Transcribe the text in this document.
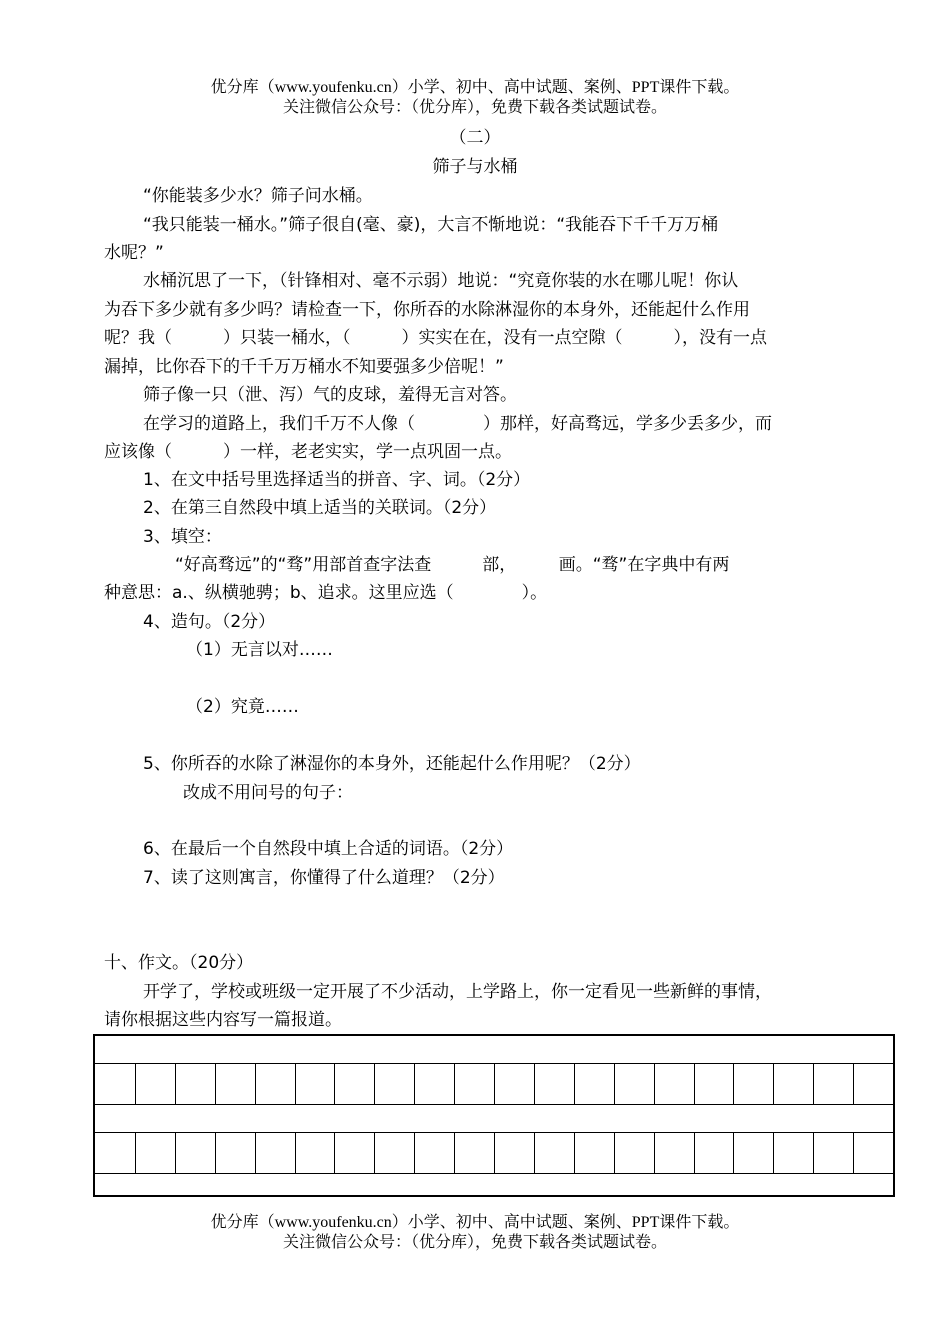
优分库（www.youfenku.cn）小学、初中、高中试题、案例、PPT课件下载。
关注微信公众号：（优分库），免费下载各类试题试卷。
（二）
筛子与水桶
“你能装多少水？筛子问水桶。
“我只能装一桶水。”筛子很自(毫、豪)，大言不惭地说：“我能吞下千千万万桶
水呢？”
水桶沉思了一下，（针锋相对、毫不示弱）地说：“究竟你装的水在哪儿呢！你认
为吞下多少就有多少吗？请检查一下，你所吞的水除淋湿你的本身外，还能起什么作用
呢？我（　　　）只装一桶水，（　　　）实实在在，没有一点空隙（　　　），没有一点
漏掉，比你吞下的千千万万桶水不知要强多少倍呢！”
筛子像一只（泄、泻）气的皮球，羞得无言对答。
在学习的道路上，我们千万不人像（　　　　）那样，好高骛远，学多少丢多少，而
应该像（　　　）一样，老老实实，学一点巩固一点。
1、在文中括号里选择适当的拼音、字、词。（2分）
2、在第三自然段中填上适当的关联词。（2分）
3、填空：
“好高骛远”的“骛”用部首查字法查　　　部，　　　画。“骛”在字典中有两
种意思：a.、纵横驰骋；b、追求。这里应选（　　　　）。
4、造句。（2分）
（1）无言以对……
（2）究竟……
5、你所吞的水除了淋湿你的本身外，还能起什么作用呢？（2分）
改成不用问号的句子：
6、在最后一个自然段中填上合适的词语。（2分）
7、读了这则寓言，你懂得了什么道理？（2分）
十、作文。（20分）
开学了，学校或班级一定开展了不少活动，上学路上，你一定看见一些新鲜的事情，
请你根据这些内容写一篇报道。
优分库（www.youfenku.cn）小学、初中、高中试题、案例、PPT课件下载。
关注微信公众号：（优分库），免费下载各类试题试卷。
